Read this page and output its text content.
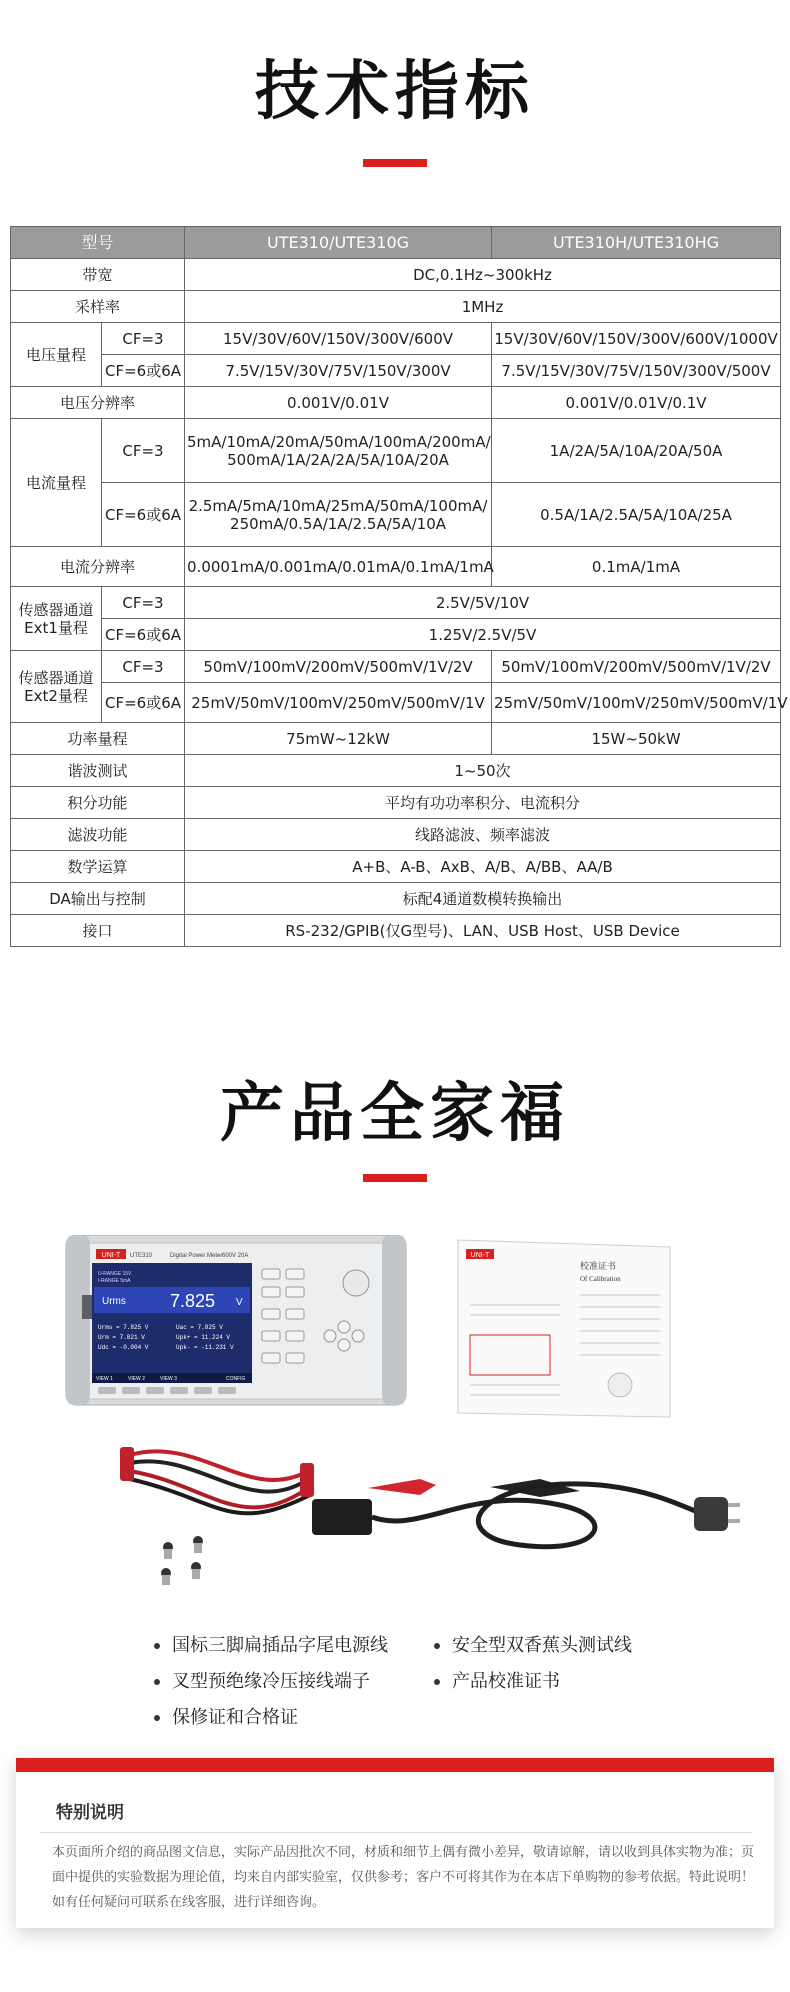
技术指标
型号		UTE310/UTE310G	UTE310H/UTE310HG
带宽		DC,0.1Hz~300kHz	
采样率		1MHz	
电压量程	CF=3	15V/30V/60V/150V/300V/600V	15V/30V/60V/150V/300V/600V/1000V
	CF=6或6A	7.5V/15V/30V/75V/150V/300V	7.5V/15V/30V/75V/150V/300V/500V
电压分辨率		0.001V/0.01V	0.001V/0.01V/0.1V
电流量程	CF=3	5mA/10mA/20mA/50mA/100mA/200mA/
500mA/1A/2A/2A/5A/10A/20A	1A/2A/5A/10A/20A/50A
	CF=6或6A	2.5mA/5mA/10mA/25mA/50mA/100mA/
250mA/0.5A/1A/2.5A/5A/10A	0.5A/1A/2.5A/5A/10A/25A
电流分辨率		0.0001mA/0.001mA/0.01mA/0.1mA/1mA	0.1mA/1mA

传感器通道
Ext1量程	CF=3	2.5V/5V/10V	
	CF=6或6A	1.25V/2.5V/5V	

传感器通道
Ext2量程	CF=3	50mV/100mV/200mV/500mV/1V/2V	50mV/100mV/200mV/500mV/1V/2V
	CF=6或6A	25mV/50mV/100mV/250mV/500mV/1V	25mV/50mV/100mV/250mV/500mV/1V
功率量程		75mW~12kW	15W~50kW
谐波测试		1~50次	
积分功能		平均有功功率积分、电流积分	
滤波功能		线路滤波、频率滤波	
数学运算		A+B、A-B、AxB、A/B、A/BB、AA/B	
DA输出与控制		标配4通道数模转换输出	
接口		RS-232/GPIB(仅G型号)、LAN、USB Host、USB Device	
产品全家福
UNI-T UTE310	Digital Power Meter 600V 20A
U-RANGE 15V
I-RANGE 5mA
Urms 7.825 V
Urms = 7.825 V
Urm = 7.821 V
Udc = -0.004 V
Uac = 7.825 V
Upk+ = 11.224 V
Upk- = -11.231 V
VIEW 1	VIEW 2	VIEW 3	CONFIG
UNI-T
校准证书
Of Calibration
国标三脚扁插品字尾电源线
叉型预绝缘冷压接线端子
保修证和合格证
安全型双香蕉头测试线
产品校准证书
特别说明
本页面所介绍的商品图文信息，实际产品因批次不同，材质和细节上偶有微小差异，敬请谅解，请以收到具体实物为准；页面中提供的实验数据为理论值，均来自内部实验室，仅供参考；客户不可将其作为在本店下单购物的参考依据。特此说明！如有任何疑问可联系在线客服，进行详细咨询。
